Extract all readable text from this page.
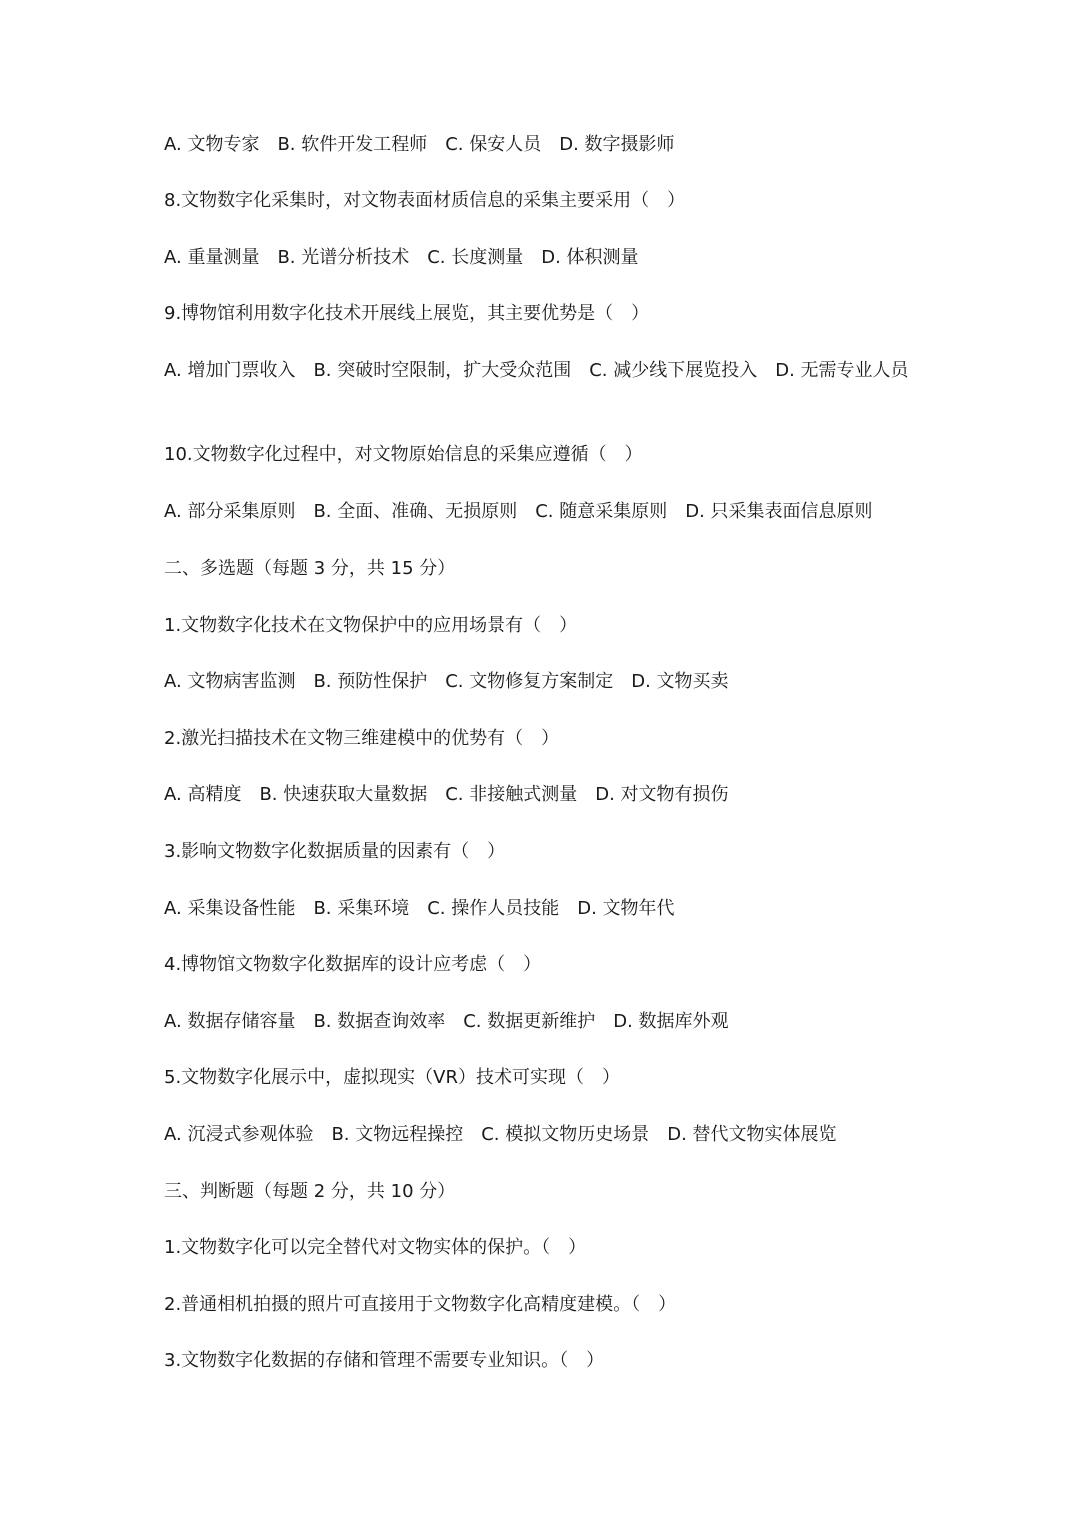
A. 文物专家　B. 软件开发工程师　C. 保安人员　D. 数字摄影师
8.文物数字化采集时，对文物表面材质信息的采集主要采用（　）
A. 重量测量　B. 光谱分析技术　C. 长度测量　D. 体积测量
9.博物馆利用数字化技术开展线上展览，其主要优势是（　）
A. 增加门票收入　B. 突破时空限制，扩大受众范围　C. 减少线下展览投入　D. 无需专业人员
10.文物数字化过程中，对文物原始信息的采集应遵循（　）
A. 部分采集原则　B. 全面、准确、无损原则　C. 随意采集原则　D. 只采集表面信息原则
二、多选题（每题 3 分，共 15 分）
1.文物数字化技术在文物保护中的应用场景有（　）
A. 文物病害监测　B. 预防性保护　C. 文物修复方案制定　D. 文物买卖
2.激光扫描技术在文物三维建模中的优势有（　）
A. 高精度　B. 快速获取大量数据　C. 非接触式测量　D. 对文物有损伤
3.影响文物数字化数据质量的因素有（　）
A. 采集设备性能　B. 采集环境　C. 操作人员技能　D. 文物年代
4.博物馆文物数字化数据库的设计应考虑（　）
A. 数据存储容量　B. 数据查询效率　C. 数据更新维护　D. 数据库外观
5.文物数字化展示中，虚拟现实（VR）技术可实现（　）
A. 沉浸式参观体验　B. 文物远程操控　C. 模拟文物历史场景　D. 替代文物实体展览
三、判断题（每题 2 分，共 10 分）
1.文物数字化可以完全替代对文物实体的保护。（　）
2.普通相机拍摄的照片可直接用于文物数字化高精度建模。（　）
3.文物数字化数据的存储和管理不需要专业知识。（　）
